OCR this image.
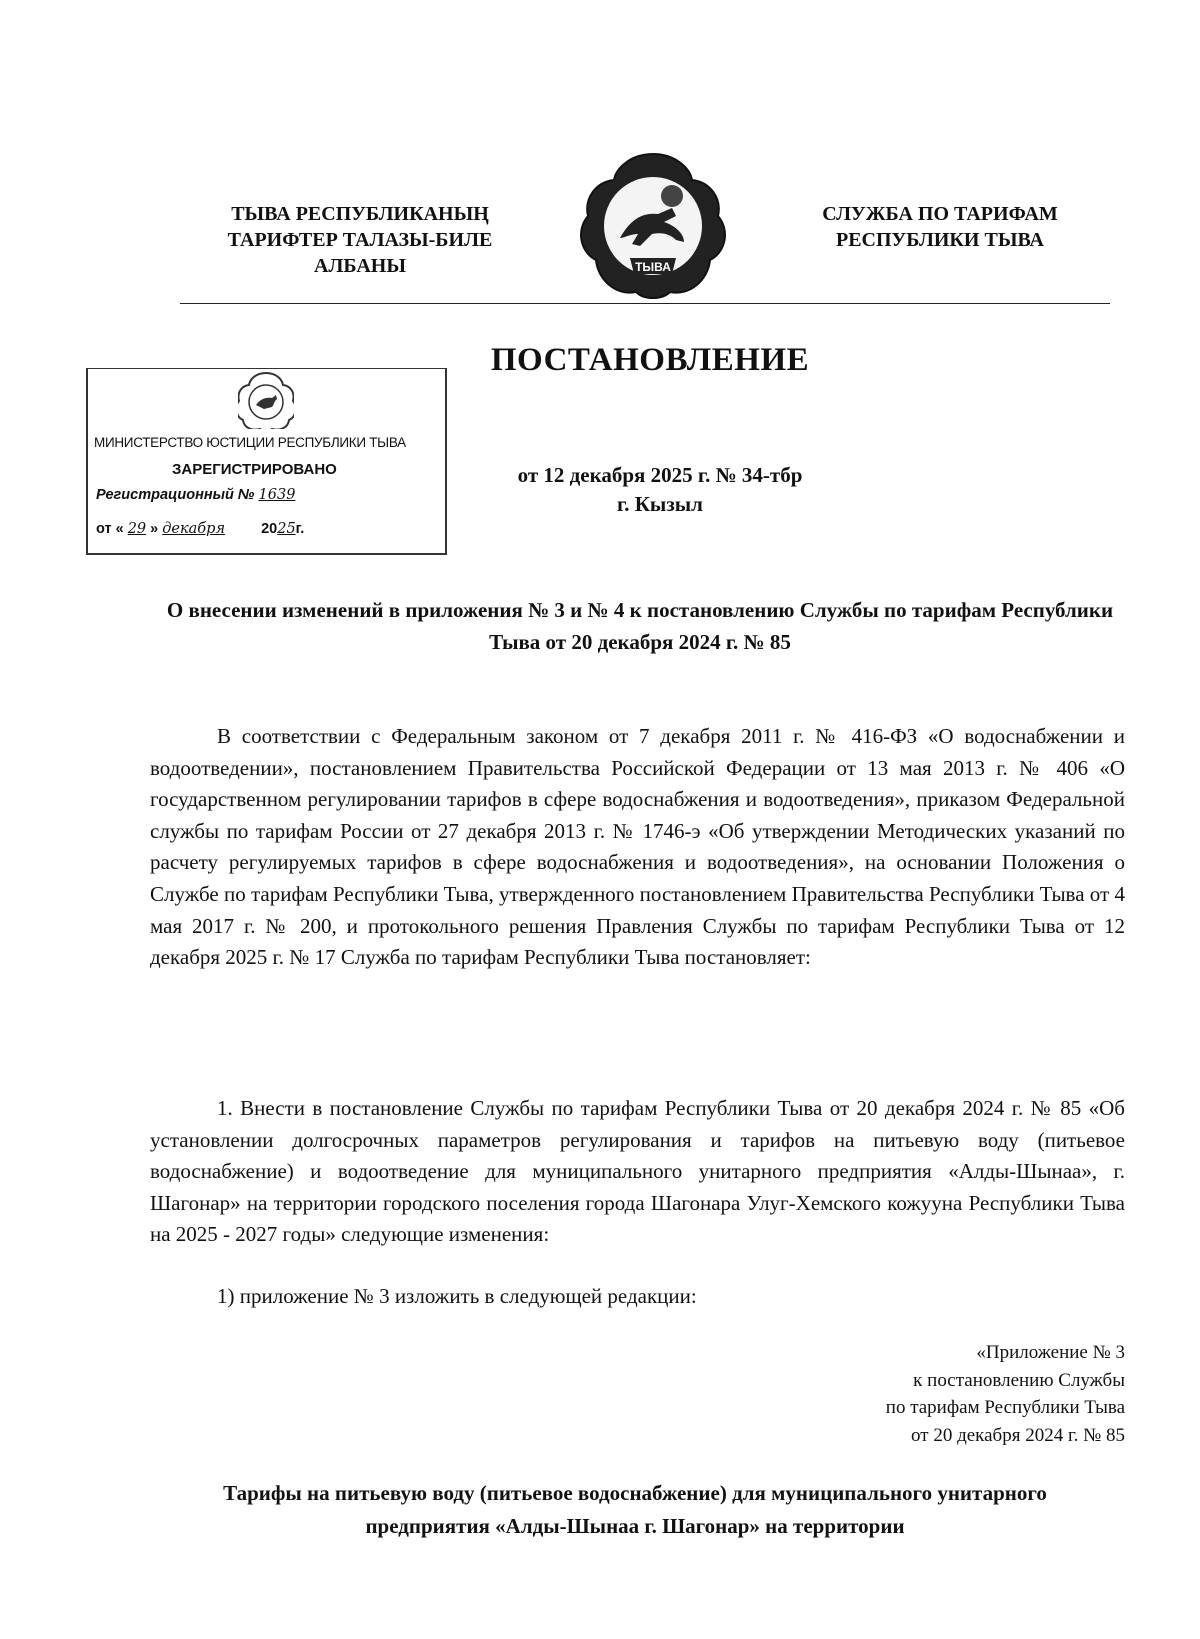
ТЫВА РЕСПУБЛИКАНЫҢ
ТАРИФТЕР ТАЛАЗЫ-БИЛЕ
АЛБАНЫ	ТЫВА
СЛУЖБА ПО ТАРИФАМ
РЕСПУБЛИКИ ТЫВА
ПОСТАНОВЛЕНИЕ
МИНИСТЕРСТВО ЮСТИЦИИ РЕСПУБЛИКИ ТЫВА
ЗАРЕГИСТРИРОВАНО
Регистрационный № 1639
от « 29 » декабря 2025г.
от 12 декабря 2025 г. № 34-тбр
г. Кызыл
О внесении изменений в приложения № 3 и № 4 к постановлению Службы по тарифам Республики Тыва от 20 декабря 2024 г. № 85

В соответствии с Федеральным законом от 7 декабря 2011 г. № 416-ФЗ «О водоснабжении и водоотведении», постановлением Правительства Российской Федерации от 13 мая 2013 г. № 406 «О государственном регулировании тарифов в сфере водоснабжения и водоотведения», приказом Федеральной службы по тарифам России от 27 декабря 2013 г. № 1746-э «Об утверждении Методических указаний по расчету регулируемых тарифов в сфере водоснабжения и водоотведения», на основании Положения о Службе по тарифам Республики Тыва, утвержденного постановлением Правительства Республики Тыва от 4 мая 2017 г. № 200, и протокольного решения Правления Службы по тарифам Республики Тыва от 12 декабря 2025 г. № 17 Служба по тарифам Республики Тыва постановляет:

1. Внести в постановление Службы по тарифам Республики Тыва от 20 декабря 2024 г. № 85 «Об установлении долгосрочных параметров регулирования и тарифов на питьевую воду (питьевое водоснабжение) и водоотведение для муниципального унитарного предприятия «Алды-Шынаа», г. Шагонар» на территории городского поселения города Шагонара Улуг-Хемского кожууна Республики Тыва на 2025 - 2027 годы» следующие изменения:

1) приложение № 3 изложить в следующей редакции:

«Приложение № 3
к постановлению Службы
по тарифам Республики Тыва
от 20 декабря 2024 г. № 85
Тарифы на питьевую воду (питьевое водоснабжение) для муниципального унитарного предприятия «Алды-Шынаа г. Шагонар» на территории
